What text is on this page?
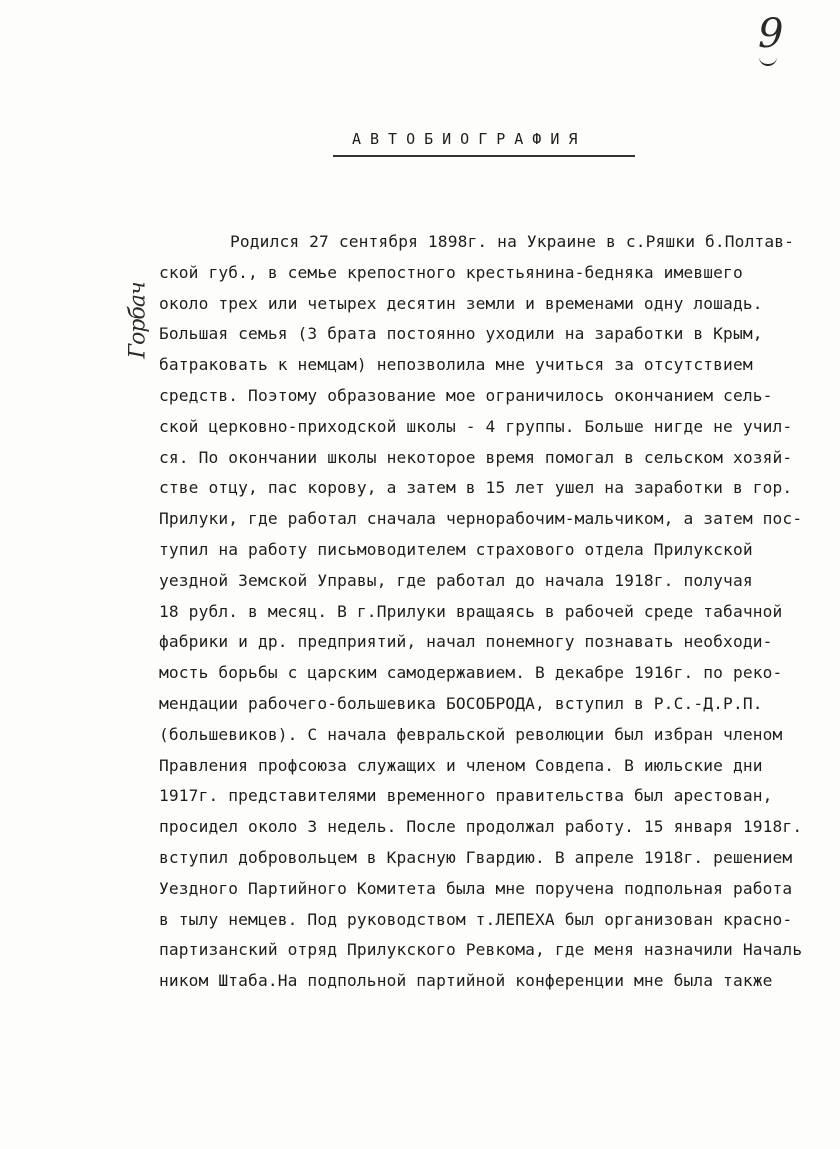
9
АВТОБИОГРАФИЯ
Горбач
Родился 27 сентября 1898г. на Украине в с.Ряшки б.Полтав-
ской губ., в семье крепостного крестьянина-бедняка имевшего
около трех или четырех десятин земли и временами одну лошадь.
Большая семья (3 брата постоянно уходили на заработки в Крым,
батраковать к немцам) непозволила мне учиться за отсутствием
средств. Поэтому образование мое ограничилось окончанием сель-
ской церковно-приходской школы - 4 группы. Больше нигде не учил-
ся. По окончании школы некоторое время помогал в сельском хозяй-
стве отцу, пас корову, а затем в 15 лет ушел на заработки в гор.
Прилуки, где работал сначала чернорабочим-мальчиком, а затем пос-
тупил на работу письмоводителем страхового отдела Прилукской
уездной Земской Управы, где работал до начала 1918г. получая
18 рубл. в месяц. В г.Прилуки вращаясь в рабочей среде табачной
фабрики и др. предприятий, начал понемногу познавать необходи-
мость борьбы с царским самодержавием. В декабре 1916г. по реко-
мендации рабочего-большевика БОСОБРОДА, вступил в Р.С.-Д.Р.П.
(большевиков). С начала февральской революции был избран членом
Правления профсоюза служащих и членом Совдепа. В июльские дни
1917г. представителями временного правительства был арестован,
просидел около 3 недель. После продолжал работу. 15 января 1918г.
вступил добровольцем в Красную Гвардию. В апреле 1918г. решением
Уездного Партийного Комитета была мне поручена подпольная работа
в тылу немцев. Под руководством т.ЛЕПЕХА был организован красно-
партизанский отряд Прилукского Ревкома, где меня назначили Началь
ником Штаба.На подпольной партийной конференции мне была также
